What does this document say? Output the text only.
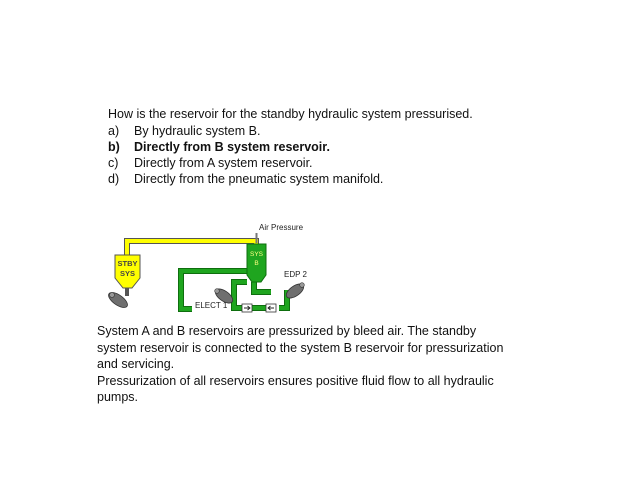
How is the reservoir for the standby hydraulic system pressurised.
a)	By hydraulic system B.
b)	Directly from B system reservoir.
c)	Directly from A system reservoir.
d)	Directly from the pneumatic system manifold.
STBY
SYS
SYS
B
Air Pressure
EDP 2
ELECT 1

System A and B reservoirs are pressurized by bleed air. The standby system reservoir is connected to the system B reservoir for pressurization and servicing.

Pressurization of all reservoirs ensures positive fluid flow to all hydraulic pumps.
